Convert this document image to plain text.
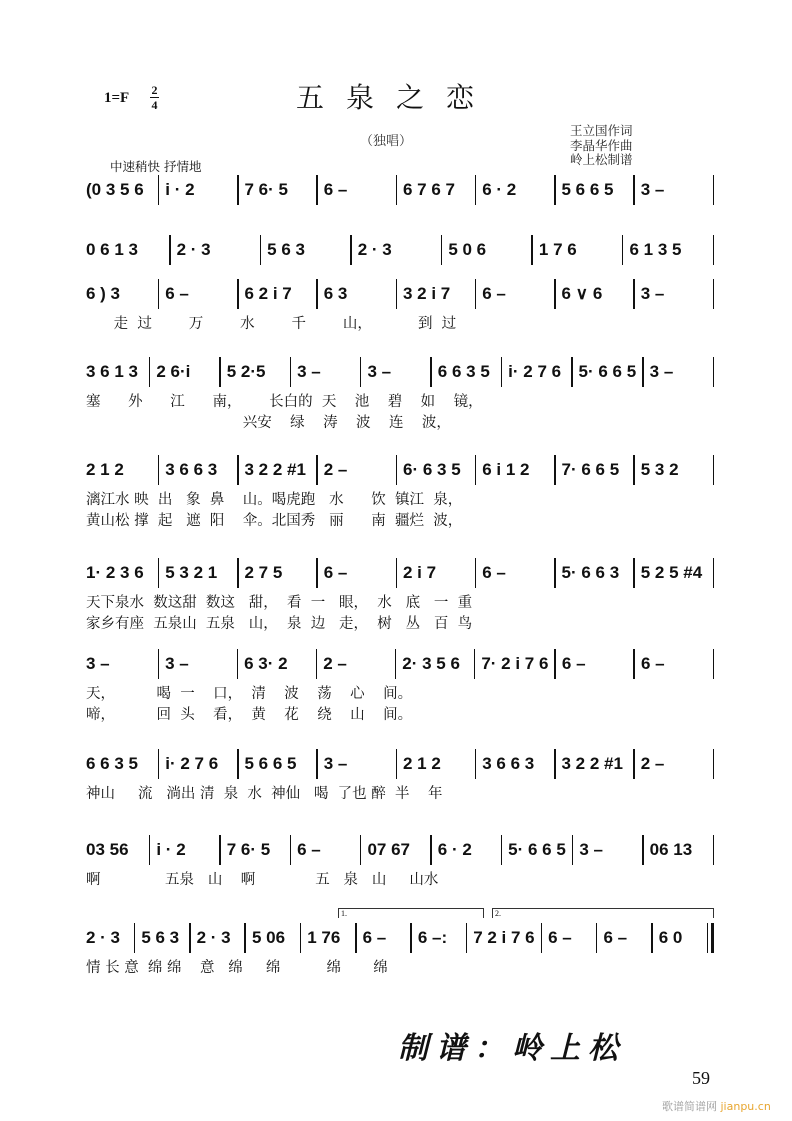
1=F 2
4	五泉之恋
（独唱）
王立国作词
李晶华作曲
岭上松制谱
中速稍快 抒情地
(0 3 5 6	i · 2	7 6· 5	6 –	6 7 6 7	6 · 2	5 6 6 5	3 –
0 6 1 3	2 · 3	5 6 3	2 · 3	5 0 6	1 7 6	6 1 3 5
6 ) 3	6 –	6 2 i 7	6 3	3 2 i 7	6 –	6 ∨ 6	3 –
走  过        万        水        千        山，          到  过
3 6 1 3	2 6·i	5 2·5	3 –	3 –	6 6 3 5	i· 2 7 6	5· 6 6 5 3 –
塞      外      江      南，      长白的  天    池    碧    如    镜，
兴安    绿    涛    波    连    波，
2 1 2	3 6 6 3	3 2 2 #1	2 –	6· 6 3 5	6 i 1 2	7· 6 6 5	5 3 2
漓江水 映  出   象  鼻    山。喝虎跑   水      饮  镇江  泉，
黄山松 撑  起   遮  阳    伞。北国秀   丽      南  疆烂  波，
1· 2 3 6	5 3 2 1	2 7 5	6 –	2 i 7	6 –	5· 6 6 3	5 2 5 #4
天下泉水  数这甜  数这   甜，  看  一   眼，  水   底   一  重
家乡有座  五泉山  五泉   山，  泉  边   走，  树   丛   百  鸟
3 –	3 –	6 3· 2	2 –	2· 3 5 6	7· 2 i 7 6 6 –	6 –
天，         喝  一    口，  清    波    荡    心    间。
啼，         回  头    看，  黄    花    绕    山    间。
6 6 3 5	i· 2 7 6	5 6 6 5	3 –	2 1 2	3 6 6 3	3 2 2 #1	2 –
神山     流   淌出 清  泉  水  神仙   喝  了也 醉  半    年
03 56	i · 2	7 6· 5	6 –	07 67	6 · 2	5· 6 6 5 3 –	06 13
啊              五泉   山    啊             五   泉   山     山水
2 · 3	5 6 3	2 · 3	5 06	1 76	6 –	6 –:	7 2 i 7 6 6 –	6 –	6 0
情 长 意  绵 绵    意   绵     绵          绵       绵
1.	2.
制谱：岭上松
59
歌谱简谱网 jianpu.cn
